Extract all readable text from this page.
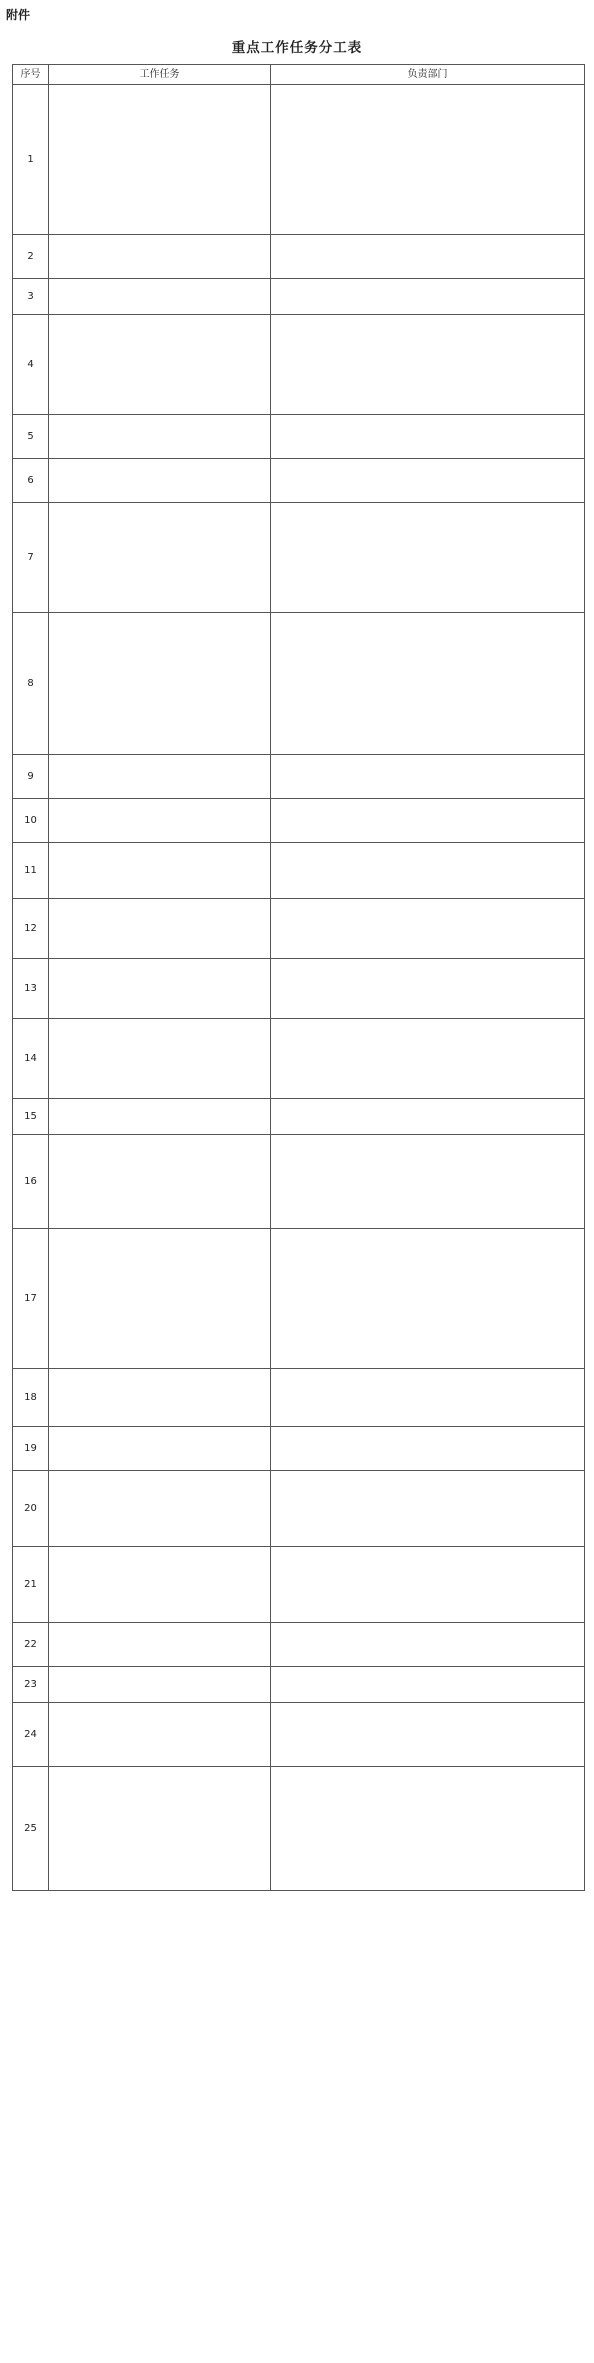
附件
重点工作任务分工表
序号	工作任务	负责部门
1		
2		
3		
4		
5		
6		
7		
8		
9		
10		
11		
12		
13		
14		
15		
16		
17		
18		
19		
20		
21		
22		
23		
24		
25		
